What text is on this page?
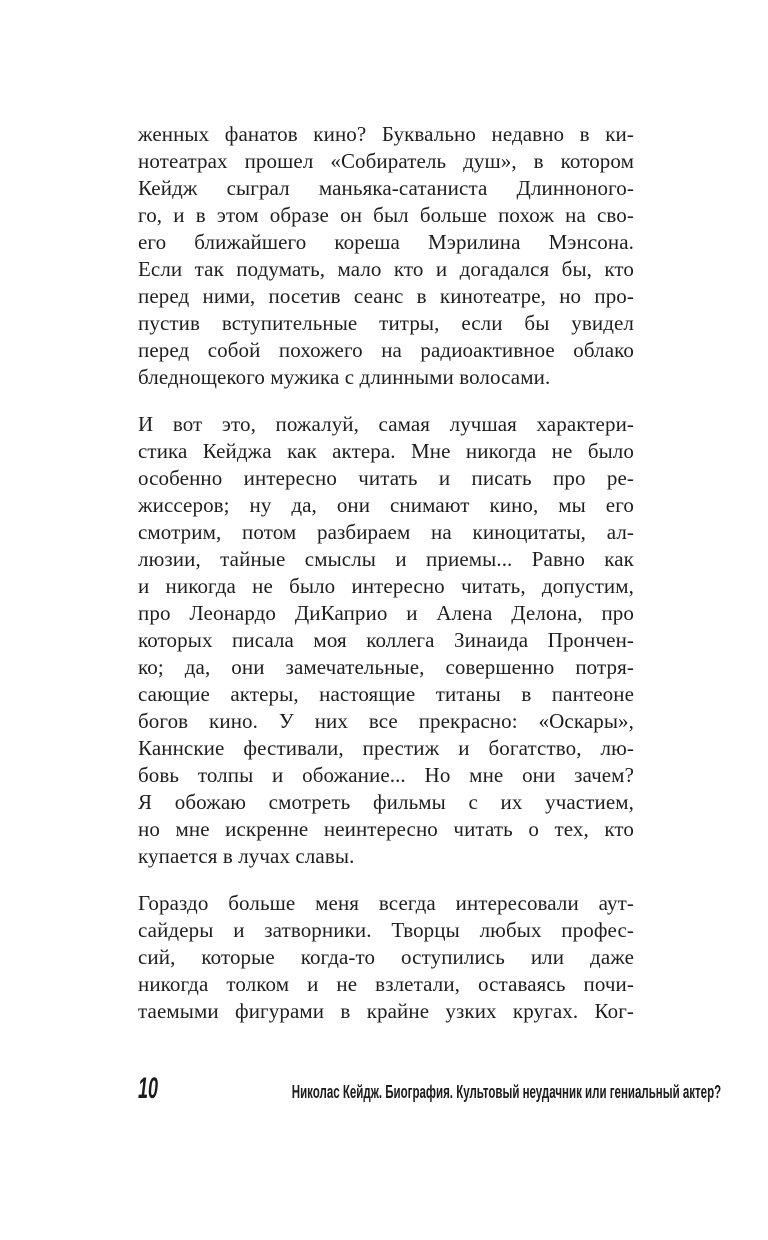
женных фанатов кино? Буквально недавно в ки-
нотеатрах прошел «Собиратель душ», в котором
Кейдж сыграл маньяка-сатаниста Длинноного-
го, и в этом образе он был больше похож на сво-
его ближайшего кореша Мэрилина Мэнсона.
Если так подумать, мало кто и догадался бы, кто
перед ними, посетив сеанс в кинотеатре, но про-
пустив вступительные титры, если бы увидел
перед собой похожего на радиоактивное облако
бледнощекого мужика с длинными волосами.
И вот это, пожалуй, самая лучшая характери-
стика Кейджа как актера. Мне никогда не было
особенно интересно читать и писать про ре-
жиссеров; ну да, они снимают кино, мы его
смотрим, потом разбираем на киноцитаты, ал-
люзии, тайные смыслы и приемы... Равно как
и никогда не было интересно читать, допустим,
про Леонардо ДиКаприо и Алена Делона, про
которых писала моя коллега Зинаида Прончен-
ко; да, они замечательные, совершенно потря-
сающие актеры, настоящие титаны в пантеоне
богов кино. У них все прекрасно: «Оскары»,
Каннские фестивали, престиж и богатство, лю-
бовь толпы и обожание... Но мне они зачем?
Я обожаю смотреть фильмы с их участием,
но мне искренне неинтересно читать о тех, кто
купается в лучах славы.
Гораздо больше меня всегда интересовали аут-
сайдеры и затворники. Творцы любых профес-
сий, которые когда-то оступились или даже
никогда толком и не взлетали, оставаясь почи-
таемыми фигурами в крайне узких кругах. Ког-
10	Николас Кейдж. Биография. Культовый неудачник или гениальный актер?
